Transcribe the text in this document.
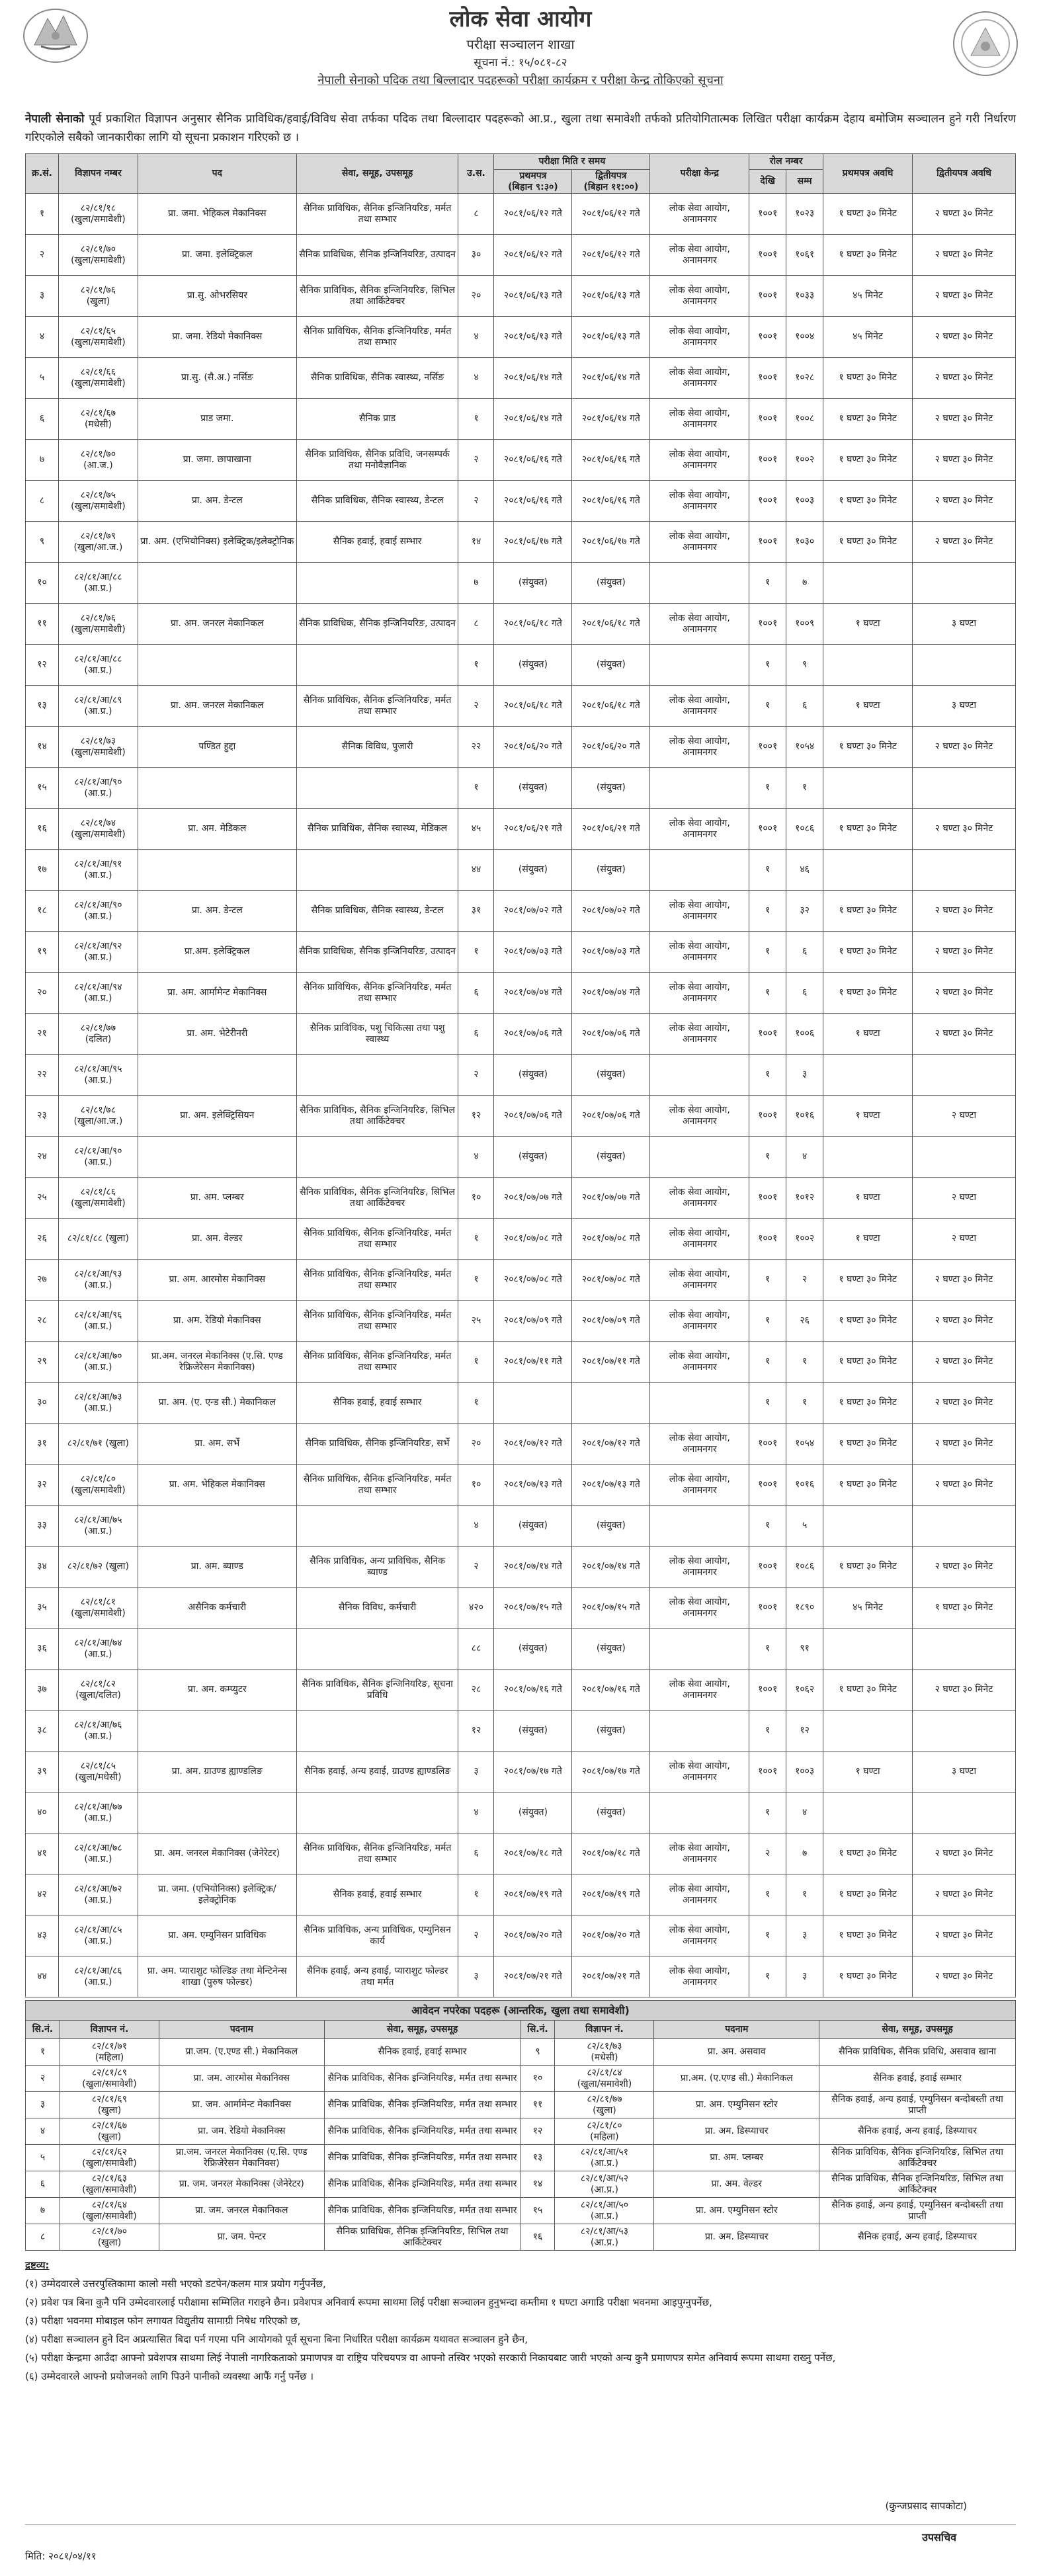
लोक सेवा आयोग
परीक्षा सञ्चालन शाखा
सूचना नं.: १५/०८१-८२
नेपाली सेनाको पदिक तथा बिल्लादार पदहरूको परीक्षा कार्यक्रम र परीक्षा केन्द्र तोकिएको सूचना
नेपाली सेनाको पूर्व प्रकाशित विज्ञापन अनुसार सैनिक प्राविधिक/हवाई/विविध सेवा तर्फका पदिक तथा बिल्लादार पदहरूको आ.प्र., खुला तथा समावेशी तर्फको प्रतियोगितात्मक लिखित परीक्षा कार्यक्रम देहाय बमोजिम सञ्चालन हुने गरी निर्धारण गरिएकोले सबैको जानकारीका लागि यो सूचना प्रकाशन गरिएको छ ।
क्र.सं.	विज्ञापन नम्बर	पद	सेवा, समूह, उपसमूह	उ.स.	परीक्षा मिति र समय		परीक्षा केन्द्र	रोल नम्बर		प्रथमपत्र अवधि	द्वितीयपत्र अवधि
					प्रथमपत्र
(बिहान ९:३०)	द्वितीयपत्र
(बिहान ११:००)		देखि	सम्म		
१	८२/८१/१८
(खुला/समावेशी)	प्रा. जमा. भेहिकल मेकानिक्स	सैनिक प्राविधिक, सैनिक इन्जिनियरिङ, मर्मत तथा सम्भार	८	२०८१/०६/१२ गते	२०८१/०६/१२ गते	लोक सेवा आयोग, अनामनगर	१००१	१०२३	१ घण्टा ३० मिनेट	२ घण्टा ३० मिनेट
२	८२/८१/७०
(खुला/समावेशी)	प्रा. जमा. इलेक्ट्रिकल	सैनिक प्राविधिक, सैनिक इन्जिनियरिङ, उत्पादन	३०	२०८१/०६/१२ गते	२०८१/०६/१२ गते	लोक सेवा आयोग, अनामनगर	१००१	१०६१	१ घण्टा ३० मिनेट	२ घण्टा ३० मिनेट
३	८२/८१/७६
(खुला)	प्रा.सु. ओभरसियर	सैनिक प्राविधिक, सैनिक इन्जिनियरिङ, सिभिल तथा आर्किटेक्चर	२०	२०८१/०६/१३ गते	२०८१/०६/१३ गते	लोक सेवा आयोग, अनामनगर	१००१	१०३३	४५ मिनेट	२ घण्टा ३० मिनेट
४	८२/८१/६५
(खुला/समावेशी)	प्रा. जमा. रेडियो मेकानिक्स	सैनिक प्राविधिक, सैनिक इन्जिनियरिङ, मर्मत तथा सम्भार	४	२०८१/०६/१३ गते	२०८१/०६/१३ गते	लोक सेवा आयोग, अनामनगर	१००१	१००४	४५ मिनेट	२ घण्टा ३० मिनेट
५	८२/८१/६६
(खुला/समावेशी)	प्रा.सु. (सै.अ.) नर्सिङ	सैनिक प्राविधिक, सैनिक स्वास्थ्य, नर्सिङ	४	२०८१/०६/१४ गते	२०८१/०६/१४ गते	लोक सेवा आयोग, अनामनगर	१००१	१०२८	१ घण्टा ३० मिनेट	२ घण्टा ३० मिनेट
६	८२/८१/६७
(मधेसी)	प्राड जमा.	सैनिक प्राड	१	२०८१/०६/१४ गते	२०८१/०६/१४ गते	लोक सेवा आयोग, अनामनगर	१००१	१००८	१ घण्टा ३० मिनेट	२ घण्टा ३० मिनेट
७	८२/८१/७०
(आ.ज.)	प्रा. जमा. छापाखाना	सैनिक प्राविधिक, सैनिक प्रविधि, जनसम्पर्क तथा मनोवैज्ञानिक	२	२०८१/०६/१६ गते	२०८१/०६/१६ गते	लोक सेवा आयोग, अनामनगर	१००१	१००२	१ घण्टा ३० मिनेट	२ घण्टा ३० मिनेट
८	८२/८१/७५
(खुला/समावेशी)	प्रा. अम. डेन्टल	सैनिक प्राविधिक, सैनिक स्वास्थ्य, डेन्टल	२	२०८१/०६/१६ गते	२०८१/०६/१६ गते	लोक सेवा आयोग, अनामनगर	१००१	१००३	१ घण्टा ३० मिनेट	२ घण्टा ३० मिनेट
९	८२/८१/७९
(खुला/आ.ज.)	प्रा. अम. (एभियोनिक्स) इलेक्ट्रिक/इलेक्ट्रोनिक	सैनिक हवाई, हवाई सम्भार	१४	२०८१/०६/१७ गते	२०८१/०६/१७ गते	लोक सेवा आयोग, अनामनगर	१००१	१०३०	१ घण्टा ३० मिनेट	२ घण्टा ३० मिनेट
१०	८२/८१/आ/८८
(आ.प्र.)			७	(संयुक्त)	(संयुक्त)		१	७		
११	८२/८१/७६
(खुला/समावेशी)	प्रा. अम. जनरल मेकानिकल	सैनिक प्राविधिक, सैनिक इन्जिनियरिङ, उत्पादन	८	२०८१/०६/१८ गते	२०८१/०६/१८ गते	लोक सेवा आयोग, अनामनगर	१००१	१००९	१ घण्टा	३ घण्टा
१२	८२/८१/आ/८८
(आ.प्र.)			१	(संयुक्त)	(संयुक्त)		१	९		
१३	८२/८१/आ/८९
(आ.प्र.)	प्रा. अम. जनरल मेकानिकल	सैनिक प्राविधिक, सैनिक इन्जिनियरिङ, मर्मत तथा सम्भार	२	२०८१/०६/१८ गते	२०८१/०६/१८ गते	लोक सेवा आयोग, अनामनगर	१	६	१ घण्टा	३ घण्टा
१४	८२/८१/७३
(खुला/समावेशी)	पण्डित हुद्दा	सैनिक विविध, पुजारी	२२	२०८१/०६/२० गते	२०८१/०६/२० गते	लोक सेवा आयोग, अनामनगर	१००१	१०५४	१ घण्टा ३० मिनेट	२ घण्टा ३० मिनेट
१५	८२/८१/आ/९०
(आ.प्र.)			१	(संयुक्त)	(संयुक्त)		१	१		
१६	८२/८१/७४
(खुला/समावेशी)	प्रा. अम. मेडिकल	सैनिक प्राविधिक, सैनिक स्वास्थ्य, मेडिकल	४५	२०८१/०६/२१ गते	२०८१/०६/२१ गते	लोक सेवा आयोग, अनामनगर	१००१	१०८६	१ घण्टा ३० मिनेट	२ घण्टा ३० मिनेट
१७	८२/८१/आ/९१
(आ.प्र.)			४४	(संयुक्त)	(संयुक्त)		१	४६		
१८	८२/८१/आ/९०
(आ.प्र.)	प्रा. अम. डेन्टल	सैनिक प्राविधिक, सैनिक स्वास्थ्य, डेन्टल	३१	२०८१/०७/०२ गते	२०८१/०७/०२ गते	लोक सेवा आयोग, अनामनगर	१	३२	१ घण्टा ३० मिनेट	२ घण्टा ३० मिनेट
१९	८२/८१/आ/९२
(आ.प्र.)	प्रा.अम. इलेक्ट्रिकल	सैनिक प्राविधिक, सैनिक इन्जिनियरिङ, उत्पादन	१	२०८१/०७/०३ गते	२०८१/०७/०३ गते	लोक सेवा आयोग, अनामनगर	१	६	१ घण्टा ३० मिनेट	२ घण्टा ३० मिनेट
२०	८२/८१/आ/९४
(आ.प्र.)	प्रा. अम. आर्मामेन्ट मेकानिक्स	सैनिक प्राविधिक, सैनिक इन्जिनियरिङ, मर्मत तथा सम्भार	६	२०८१/०७/०४ गते	२०८१/०७/०४ गते	लोक सेवा आयोग, अनामनगर	१	६	१ घण्टा ३० मिनेट	२ घण्टा ३० मिनेट
२१	८२/८१/७७
(दलित)	प्रा. अम. भेटेरीनरी	सैनिक प्राविधिक, पशु चिकित्सा तथा पशु स्वास्थ्य	६	२०८१/०७/०६ गते	२०८१/०७/०६ गते	लोक सेवा आयोग, अनामनगर	१००१	१००६	१ घण्टा	२ घण्टा ३० मिनेट
२२	८२/८१/आ/९५
(आ.प्र.)			२	(संयुक्त)	(संयुक्त)		१	३		
२३	८२/८१/७८
(खुला/आ.ज.)	प्रा. अम. इलेक्ट्रिसियन	सैनिक प्राविधिक, सैनिक इन्जिनियरिङ, सिभिल तथा आर्किटेक्चर	१२	२०८१/०७/०६ गते	२०८१/०७/०६ गते	लोक सेवा आयोग, अनामनगर	१००१	१०१६	१ घण्टा	२ घण्टा
२४	८२/८१/आ/९०
(आ.प्र.)			४	(संयुक्त)	(संयुक्त)		१	४		
२५	८२/८१/८६
(खुला/समावेशी)	प्रा. अम. प्लम्बर	सैनिक प्राविधिक, सैनिक इन्जिनियरिङ, सिभिल तथा आर्किटेक्चर	१०	२०८१/०७/०७ गते	२०८१/०७/०७ गते	लोक सेवा आयोग, अनामनगर	१००१	१०१२	१ घण्टा	२ घण्टा
२६	८२/८१/८८ (खुला)	प्रा. अम. वेल्डर	सैनिक प्राविधिक, सैनिक इन्जिनियरिङ, मर्मत तथा सम्भार	१	२०८१/०७/०८ गते	२०८१/०७/०८ गते	लोक सेवा आयोग, अनामनगर	१००१	१००२	१ घण्टा	२ घण्टा
२७	८२/८१/आ/९३
(आ.प्र.)	प्रा. अम. आरमोस मेकानिक्स	सैनिक प्राविधिक, सैनिक इन्जिनियरिङ, मर्मत तथा सम्भार	१	२०८१/०७/०८ गते	२०८१/०७/०८ गते	लोक सेवा आयोग, अनामनगर	१	२	१ घण्टा ३० मिनेट	२ घण्टा ३० मिनेट
२८	८२/८१/आ/९६
(आ.प्र.)	प्रा. अम. रेडियो मेकानिक्स	सैनिक प्राविधिक, सैनिक इन्जिनियरिङ, मर्मत तथा सम्भार	२५	२०८१/०७/०९ गते	२०८१/०७/०९ गते	लोक सेवा आयोग, अनामनगर	१	२६	१ घण्टा ३० मिनेट	२ घण्टा ३० मिनेट
२९	८२/८१/आ/७०
(आ.प्र.)	प्रा.अम. जनरल मेकानिक्स (ए.सि. एण्ड रेफ्रिजेरेसन मेकानिक्स)	सैनिक प्राविधिक, सैनिक इन्जिनियरिङ, मर्मत तथा सम्भार	१	२०८१/०७/११ गते	२०८१/०७/११ गते	लोक सेवा आयोग, अनामनगर	१	१	१ घण्टा ३० मिनेट	२ घण्टा ३० मिनेट
३०	८२/८१/आ/७३
(आ.प्र.)	प्रा. अम. (ए. एन्ड सी.) मेकानिकल	सैनिक हवाई, हवाई सम्भार	१				१	१	१ घण्टा ३० मिनेट	२ घण्टा ३० मिनेट
३१	८२/८१/७१ (खुला)	प्रा. अम. सर्भे	सैनिक प्राविधिक, सैनिक इन्जिनियरिङ, सर्भे	२०	२०८१/०७/१२ गते	२०८१/०७/१२ गते	लोक सेवा आयोग, अनामनगर	१००१	१०५४	१ घण्टा ३० मिनेट	२ घण्टा ३० मिनेट
३२	८२/८१/८०
(खुला/समावेशी)	प्रा. अम. भेहिकल मेकानिक्स	सैनिक प्राविधिक, सैनिक इन्जिनियरिङ, मर्मत तथा सम्भार	१०	२०८१/०७/१३ गते	२०८१/०७/१३ गते	लोक सेवा आयोग, अनामनगर	१००१	१०१६	१ घण्टा ३० मिनेट	२ घण्टा ३० मिनेट
३३	८२/८१/आ/७५
(आ.प्र.)			४	(संयुक्त)	(संयुक्त)		१	५		
३४	८२/८१/७२ (खुला)	प्रा. अम. ब्याण्ड	सैनिक प्राविधिक, अन्य प्राविधिक, सैनिक ब्याण्ड	२	२०८१/०७/१४ गते	२०८१/०७/१४ गते	लोक सेवा आयोग, अनामनगर	१००१	१०८६	१ घण्टा ३० मिनेट	२ घण्टा ३० मिनेट
३५	८२/८१/८१
(खुला/समावेशी)	असैनिक कर्मचारी	सैनिक विविध, कर्मचारी	४२०	२०८१/०७/१५ गते	२०८१/०७/१५ गते	लोक सेवा आयोग, अनामनगर	१००१	१८९०	४५ मिनेट	१ घण्टा ३० मिनेट
३६	८२/८१/आ/७४
(आ.प्र.)			८८	(संयुक्त)	(संयुक्त)		१	९१		
३७	८२/८१/८२
(खुला/दलित)	प्रा. अम. कम्प्युटर	सैनिक प्राविधिक, सैनिक इन्जिनियरिङ, सूचना प्रविधि	२८	२०८१/०७/१६ गते	२०८१/०७/१६ गते	लोक सेवा आयोग, अनामनगर	१००१	१०६२	१ घण्टा ३० मिनेट	२ घण्टा ३० मिनेट
३८	८२/८१/आ/७६
(आ.प्र.)			१२	(संयुक्त)	(संयुक्त)		१	१२		
३९	८२/८१/८५
(खुला/मधेसी)	प्रा. अम. ग्राउण्ड ह्याण्डलिङ	सैनिक हवाई, अन्य हवाई, ग्राउण्ड ह्याण्डलिङ	३	२०८१/०७/१७ गते	२०८१/०७/१७ गते	लोक सेवा आयोग, अनामनगर	१००१	१००३	१ घण्टा	३ घण्टा
४०	८२/८१/आ/७७
(आ.प्र.)			४	(संयुक्त)	(संयुक्त)		१	४		
४१	८२/८१/आ/७८
(आ.प्र.)	प्रा. अम. जनरल मेकानिक्स (जेनेरेटर)	सैनिक प्राविधिक, सैनिक इन्जिनियरिङ, मर्मत तथा सम्भार	६	२०८१/०७/१८ गते	२०८१/०७/१८ गते	लोक सेवा आयोग, अनामनगर	२	७	१ घण्टा ३० मिनेट	२ घण्टा ३० मिनेट
४२	८२/८१/आ/७२
(आ.प्र.)	प्रा. जमा. (एभियोनिक्स) इलेक्ट्रिक/इलेक्ट्रोनिक	सैनिक हवाई, हवाई सम्भार	१	२०८१/०७/१९ गते	२०८१/०७/१९ गते	लोक सेवा आयोग, अनामनगर	१	१	१ घण्टा ३० मिनेट	२ घण्टा ३० मिनेट
४३	८२/८१/आ/८५
(आ.प्र.)	प्रा. अम. एम्युनिसन प्राविधिक	सैनिक प्राविधिक, अन्य प्राविधिक, एम्युनिसन कार्य	२	२०८१/०७/२० गते	२०८१/०७/२० गते	लोक सेवा आयोग, अनामनगर	१	३	१ घण्टा ३० मिनेट	२ घण्टा ३० मिनेट
४४	८२/८१/आ/८६
(आ.प्र.)	प्रा. अम. प्याराशुट फोल्डिङ तथा मेन्टिनेन्स शाखा (पुरुष फोल्डर)	सैनिक हवाई, अन्य हवाई, प्याराशुट फोल्डर तथा मर्मत	३	२०८१/०७/२१ गते	२०८१/०७/२१ गते	लोक सेवा आयोग, अनामनगर	१	३	१ घण्टा ३० मिनेट	२ घण्टा ३० मिनेट
आवेदन नपरेका पदहरू (आन्तरिक, खुला तथा समावेशी)							
सि.नं.	विज्ञापन नं.	पदनाम	सेवा, समूह, उपसमूह	सि.नं.	विज्ञापन नं.	पदनाम	सेवा, समूह, उपसमूह
१	८२/८१/७१
(महिला)	प्रा.जम. (ए.एण्ड सी.) मेकानिकल	सैनिक हवाई, हवाई सम्भार	९	८२/८१/७३
(मधेसी)	प्रा. अम. असवाव	सैनिक प्राविधिक, सैनिक प्रविधि, असवाव खाना
२	८२/८१/८९
(खुला/समावेशी)	प्रा. जम. आरमोस मेकानिक्स	सैनिक प्राविधिक, सैनिक इन्जिनियरिङ, मर्मत तथा सम्भार	१०	८२/८१/८४
(खुला/समावेशी)	प्रा.अम. (ए.एण्ड सी.) मेकानिकल	सैनिक हवाई, हवाई सम्भार
३	८२/८१/६९
(खुला)	प्रा. जम. आर्मामेन्ट मेकानिक्स	सैनिक प्राविधिक, सैनिक इन्जिनियरिङ, मर्मत तथा सम्भार	११	८२/८१/७७
(खुला)	प्रा. अम. एम्युनिसन स्टोर	सैनिक हवाई, अन्य हवाई, एम्युनिसन बन्दोबस्ती तथा प्राप्ती
४	८२/८१/६७
(खुला)	प्रा. जम. रेडियो मेकानिक्स	सैनिक प्राविधिक, सैनिक इन्जिनियरिङ, मर्मत तथा सम्भार	१२	८२/८१/८०
(महिला)	प्रा. अम. डिस्प्याचर	सैनिक हवाई, अन्य हवाई, डिस्प्याचर
५	८२/८१/६२
(खुला/समावेशी)	प्रा.जम. जनरल मेकानिक्स (ए.सि. एण्ड रेफ्रिजेरेसन मेकानिक्स)	सैनिक प्राविधिक, सैनिक इन्जिनियरिङ, मर्मत तथा सम्भार	१३	८२/८१/आ/५१
(आ.प्र.)	प्रा. अम. प्लम्बर	सैनिक प्राविधिक, सैनिक इन्जिनियरिङ, सिभिल तथा आर्किटेक्चर
६	८२/८१/६३
(खुला/समावेशी)	प्रा. जम. जनरल मेकानिक्स (जेनेरेटर)	सैनिक प्राविधिक, सैनिक इन्जिनियरिङ, मर्मत तथा सम्भार	१४	८२/८१/आ/५२
(आ.प्र.)	प्रा. अम. वेल्डर	सैनिक प्राविधिक, सैनिक इन्जिनियरिङ, सिभिल तथा आर्किटेक्चर
७	८२/८१/६४
(खुला/समावेशी)	प्रा. जम. जनरल मेकानिकल	सैनिक प्राविधिक, सैनिक इन्जिनियरिङ, मर्मत तथा सम्भार	१५	८२/८१/आ/५०
(आ.प्र.)	प्रा. अम. एम्युनिसन स्टोर	सैनिक हवाई, अन्य हवाई, एम्युनिसन बन्दोबस्ती तथा प्राप्ती
८	८२/८१/७०
(खुला)	प्रा. जम. पेन्टर	सैनिक प्राविधिक, सैनिक इन्जिनियरिङ, सिभिल तथा आर्किटेक्चर	१६	८२/८१/आ/५३
(आ.प्र.)	प्रा. अम. डिस्प्याचर	सैनिक हवाई, अन्य हवाई, डिस्प्याचर
द्रष्टव्य:
(१) उम्मेदवारले उत्तरपुस्तिकामा कालो मसी भएको डटपेन/कलम मात्र प्रयोग गर्नुपर्नेछ,
(२) प्रवेश पत्र बिना कुनै पनि उम्मेदवारलाई परीक्षामा सम्मिलित गराइने छैन। प्रवेशपत्र अनिवार्य रूपमा साथमा लिई परीक्षा सञ्चालन हुनुभन्दा कम्तीमा १ घण्टा अगाडि परीक्षा भवनमा आइपुग्नुपर्नेछ,
(३) परीक्षा भवनमा मोबाइल फोन लगायत विद्युतीय सामाग्री निषेध गरिएको छ,
(४) परीक्षा सञ्चालन हुने दिन अप्रत्यासित बिदा पर्न गएमा पनि आयोगको पूर्व सूचना बिना निर्धारित परीक्षा कार्यक्रम यथावत सञ्चालन हुने छैन,
(५) परीक्षा केन्द्रमा आउँदा आफ्नो प्रवेशपत्र साथमा लिई नेपाली नागरिकताको प्रमाणपत्र वा राष्ट्रिय परिचयपत्र वा आफ्नो तस्विर भएको सरकारी निकायबाट जारी भएको अन्य कुनै प्रमाणपत्र समेत अनिवार्य रूपमा साथमा राख्नु पर्नेछ,
(६) उम्मेदवारले आफ्नो प्रयोजनको लागि पिउने पानीको व्यवस्था आफैं गर्नु पर्नेछ ।
(कुन्जप्रसाद सापकोटा)
उपसचिव
मिति: २०८१/०४/११
